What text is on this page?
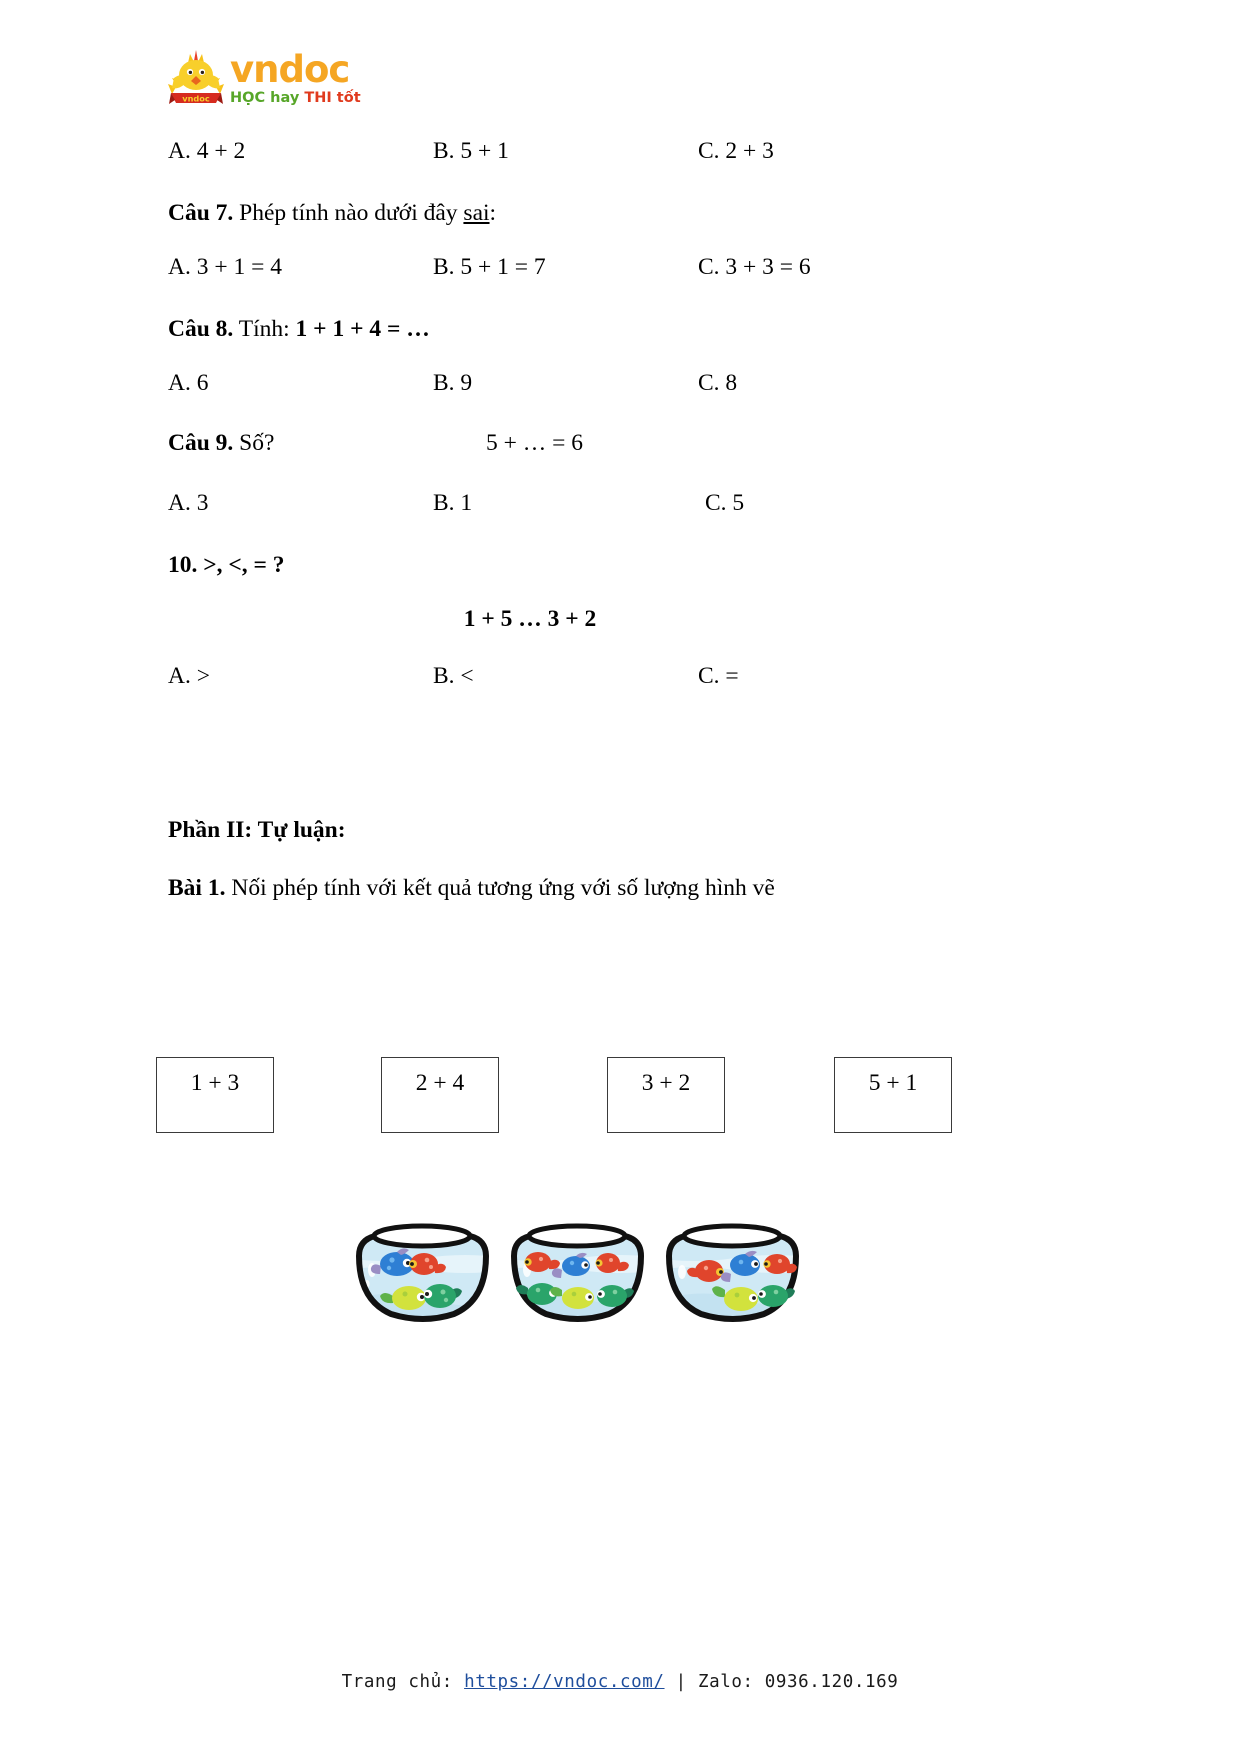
vndoc
vndoc
HỌC hay THI tốt
A. 4 + 2	B. 5 + 1	C. 2 + 3

Câu 7. Phép tính nào dưới đây sai:

A. 3 + 1 = 4	B. 5 + 1 = 7	C. 3 + 3 = 6

Câu 8. Tính: 1 + 1 + 4 = …

A. 6	B. 9	C. 8
Câu 9. Số?	5 + … = 6
A. 3	B. 1	C. 5

10. >, <, = ?

1 + 5 … 3 + 2

A. >	B. <	C. =

Phần II: Tự luận:

Bài 1. Nối phép tính với kết quả tương ứng với số lượng hình vẽ

1 + 3	2 + 4	3 + 2	5 + 1
Trang chủ: https://vndoc.com/ | Zalo: 0936.120.169
